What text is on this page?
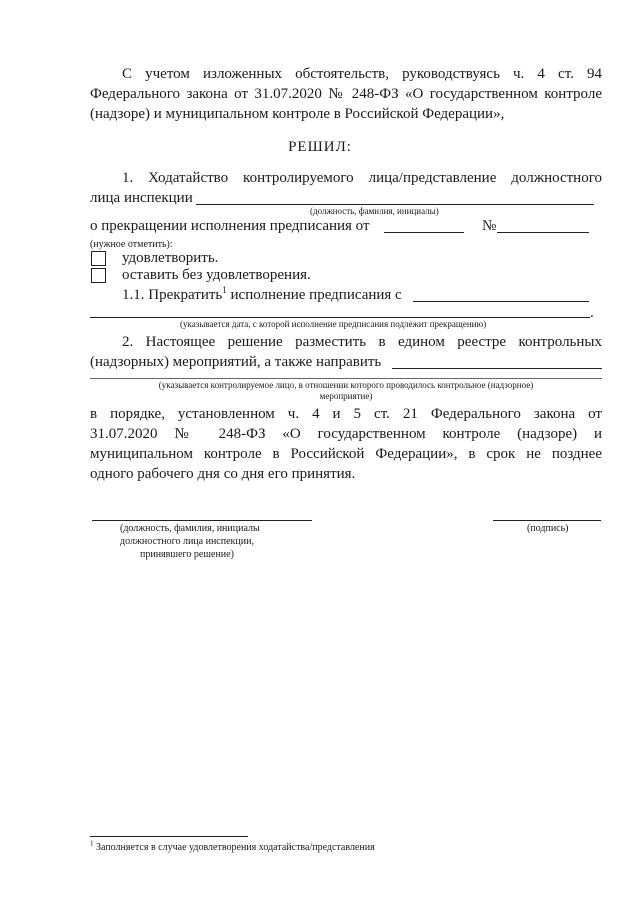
С учетом изложенных обстоятельств, руководствуясь ч. 4 ст. 94
Федерального закона от 31.07.2020 № 248-ФЗ «О государственном контроле
(надзоре) и муниципальном контроле в Российской Федерации»,
РЕШИЛ:
1. Ходатайство контролируемого лица/представление должностного
лица инспекции
(должность, фамилия, инициалы)
о прекращении исполнения предписания от	№
(нужное отметить):
удовлетворить.
оставить без удовлетворения.
1.1. Прекратить$^1$ исполнение предписания с
.
(указывается дата, с которой исполнение предписания подлежит прекращению)
2. Настоящее решение разместить в едином реестре контрольных
(надзорных) мероприятий, а также направить
(указывается контролируемое лицо, в отношении которого проводилось контрольное (надзорное)
мероприятие)
в порядке, установленном ч. 4 и 5 ст. 21 Федерального закона от
31.07.2020 № 248-ФЗ «О государственном контроле (надзоре) и
муниципальном контроле в Российской Федерации», в срок не позднее
одного рабочего дня со дня его принятия.
(должность, фамилия, инициалы
должностного лица инспекции,
принявшего решение)
(подпись)
$^1$ Заполняется в случае удовлетворения ходатайства/представления
